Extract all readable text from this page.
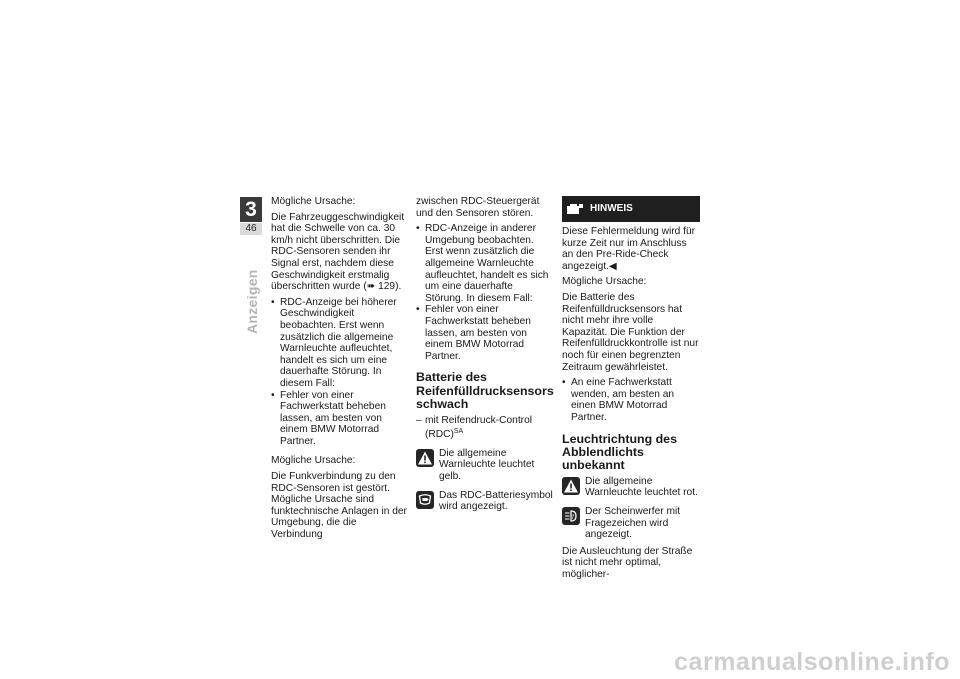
3
46
Anzeigen

Mögliche Ursache:

Die Fahrzeuggeschwindigkeit hat die Schwelle von ca. 30 km/h nicht überschritten. Die RDC-Sensoren senden ihr Signal erst, nachdem diese Geschwindigkeit erstmalig überschritten wurde (➠ 129).

• RDC-Anzeige bei höherer Geschwindigkeit beobachten. Erst wenn zusätzlich die allgemeine Warnleuchte aufleuchtet, handelt es sich um eine dauerhafte Störung. In diesem Fall:
• Fehler von einer Fachwerkstatt beheben lassen, am besten von einem BMW Motorrad Partner.

Mögliche Ursache:

Die Funkverbindung zu den RDC-Sensoren ist gestört. Mögliche Ursache sind funktechnische Anlagen in der Umgebung, die die Verbindung

zwischen RDC-Steuergerät und den Sensoren stören.

• RDC-Anzeige in anderer Umgebung beobachten. Erst wenn zusätzlich die allgemeine Warnleuchte aufleuchtet, handelt es sich um eine dauerhafte Störung. In diesem Fall:
• Fehler von einer Fachwerkstatt beheben lassen, am besten von einem BMW Motorrad Partner.
Batterie des Reifenfülldrucksensors schwach
– mit Reifendruck-Control (RDC)$^{SA}$
Die allgemeine Warnleuchte leuchtet gelb.
Das RDC-Batteriesymbol wird angezeigt.
HINWEIS

Diese Fehlermeldung wird für kurze Zeit nur im Anschluss an den Pre-Ride-Check angezeigt.◀

Mögliche Ursache:

Die Batterie des Reifenfülldrucksensors hat nicht mehr ihre volle Kapazität. Die Funktion der Reifenfülldruckkontrolle ist nur noch für einen begrenzten Zeitraum gewährleistet.

• An eine Fachwerkstatt wenden, am besten an einen BMW Motorrad Partner.
Leuchtrichtung des Abblendlichts unbekannt
Die allgemeine Warnleuchte leuchtet rot.
?
Der Scheinwerfer mit Fragezeichen wird angezeigt.

Die Ausleuchtung der Straße ist nicht mehr optimal, möglicher-

carmanualsonline.info
